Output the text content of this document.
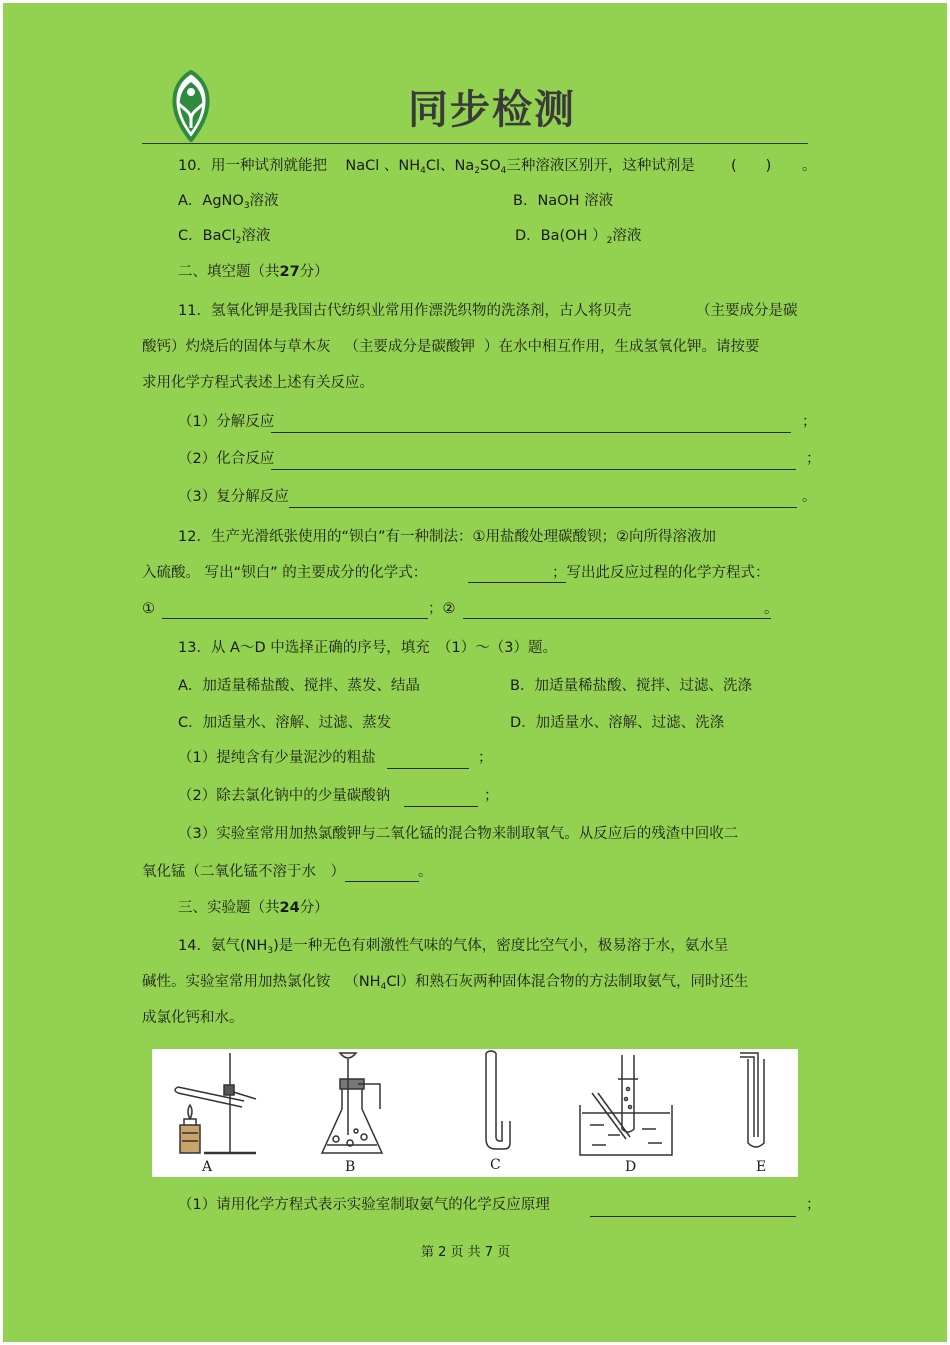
同步检测
10．用一种试剂就能把 NaCl 、$NH_4Cl$、$Na_2SO_4$三种溶液区别开，这种试剂是 (　　) 。
A．AgNO$_3$溶液	B．NaOH 溶液
C．BaCl$_2$溶液	D．Ba(OH ）$_2$溶液
二、填空题（共27分）
11．氢氧化钾是我国古代纺织业常用作漂洗织物的洗涤剂，古人将贝壳	（主要成分是碳
酸钙）灼烧后的固体与草木灰 （主要成分是碳酸钾 ）在水中相互作用，生成氢氧化钾。请按要
求用化学方程式表述上述有关反应。
（1）分解反应	；
（2）化合反应	；
（3）复分解反应	。
12．生产光滑纸张使用的“钡白”有一种制法：①用盐酸处理碳酸钡；②向所得溶液加
入硫酸。 写出“钡白” 的主要成分的化学式：	；写出此反应过程的化学方程式：
①	；②	。
13．从 A～D 中选择正确的序号，填充　（1）～（3）题。
A．加适量稀盐酸、搅拌、蒸发、结晶	B．加适量稀盐酸、搅拌、过滤、洗涤
C．加适量水、溶解、过滤、蒸发	D．加适量水、溶解、过滤、洗涤
（1）提纯含有少量泥沙的粗盐	；
（2）除去氯化钠中的少量碳酸钠	；
（3）实验室常用加热氯酸钾与二氧化锰的混合物来制取氧气。从反应后的残渣中回收二
氧化锰（二氧化锰不溶于水　）	。
三、实验题（共24分）
14．氨气$(NH_3)$是一种无色有刺激性气味的气体，密度比空气小，极易溶于水，氨水呈
碱性。实验室常用加热氯化铵 $(NH_4Cl)$和熟石灰两种固体混合物的方法制取氨气，同时还生
成氯化钙和水。
A	B	C	D	E
（1）请用化学方程式表示实验室制取氨气的化学反应原理	；
第 2 页 共 7 页
